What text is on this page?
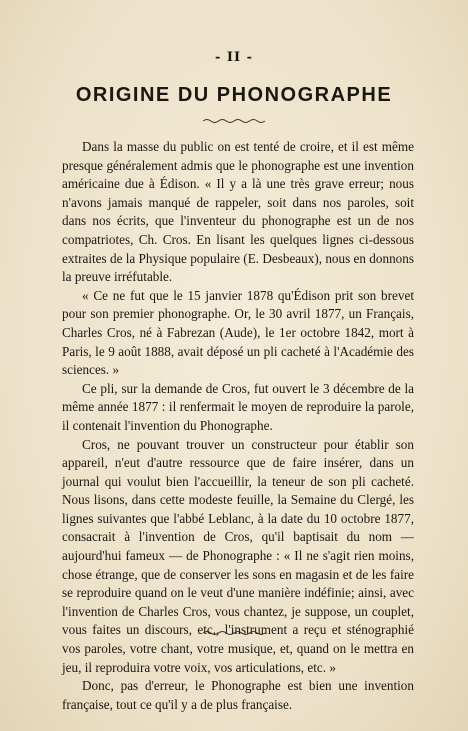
- II -
ORIGINE DU PHONOGRAPHE

Dans la masse du public on est tenté de croire, et il est même presque généralement admis que le phonographe est une invention américaine due à Édison. « Il y a là une très grave erreur; nous n'avons jamais manqué de rappeler, soit dans nos paroles, soit dans nos écrits, que l'inventeur du phonographe est un de nos compatriotes, Ch. Cros. En lisant les quelques lignes ci-dessous extraites de la Physique populaire (E. Desbeaux), nous en donnons la preuve irréfutable.

« Ce ne fut que le 15 janvier 1878 qu'Édison prit son brevet pour son premier phonographe. Or, le 30 avril 1877, un Français, Charles Cros, né à Fabrezan (Aude), le 1er octobre 1842, mort à Paris, le 9 août 1888, avait déposé un pli cacheté à l'Académie des sciences. »

Ce pli, sur la demande de Cros, fut ouvert le 3 décembre de la même année 1877 : il renfermait le moyen de reproduire la parole, il contenait l'invention du Phonographe.

Cros, ne pouvant trouver un constructeur pour établir son appareil, n'eut d'autre ressource que de faire insérer, dans un journal qui voulut bien l'accueillir, la teneur de son pli cacheté. Nous lisons, dans cette modeste feuille, la Semaine du Clergé, les lignes suivantes que l'abbé Leblanc, à la date du 10 octobre 1877, consacrait à l'invention de Cros, qu'il baptisait du nom — aujourd'hui fameux — de Phonographe : « Il ne s'agit rien moins, chose étrange, que de conserver les sons en magasin et de les faire se reproduire quand on le veut d'une manière indéfinie; ainsi, avec l'invention de Charles Cros, vous chantez, je suppose, un couplet, vous faites un discours, etc., l'instrument a reçu et sténographié vos paroles, votre chant, votre musique, et, quand on le mettra en jeu, il reproduira votre voix, vos articulations, etc. »

Donc, pas d'erreur, le Phonographe est bien une invention française, tout ce qu'il y a de plus française.
